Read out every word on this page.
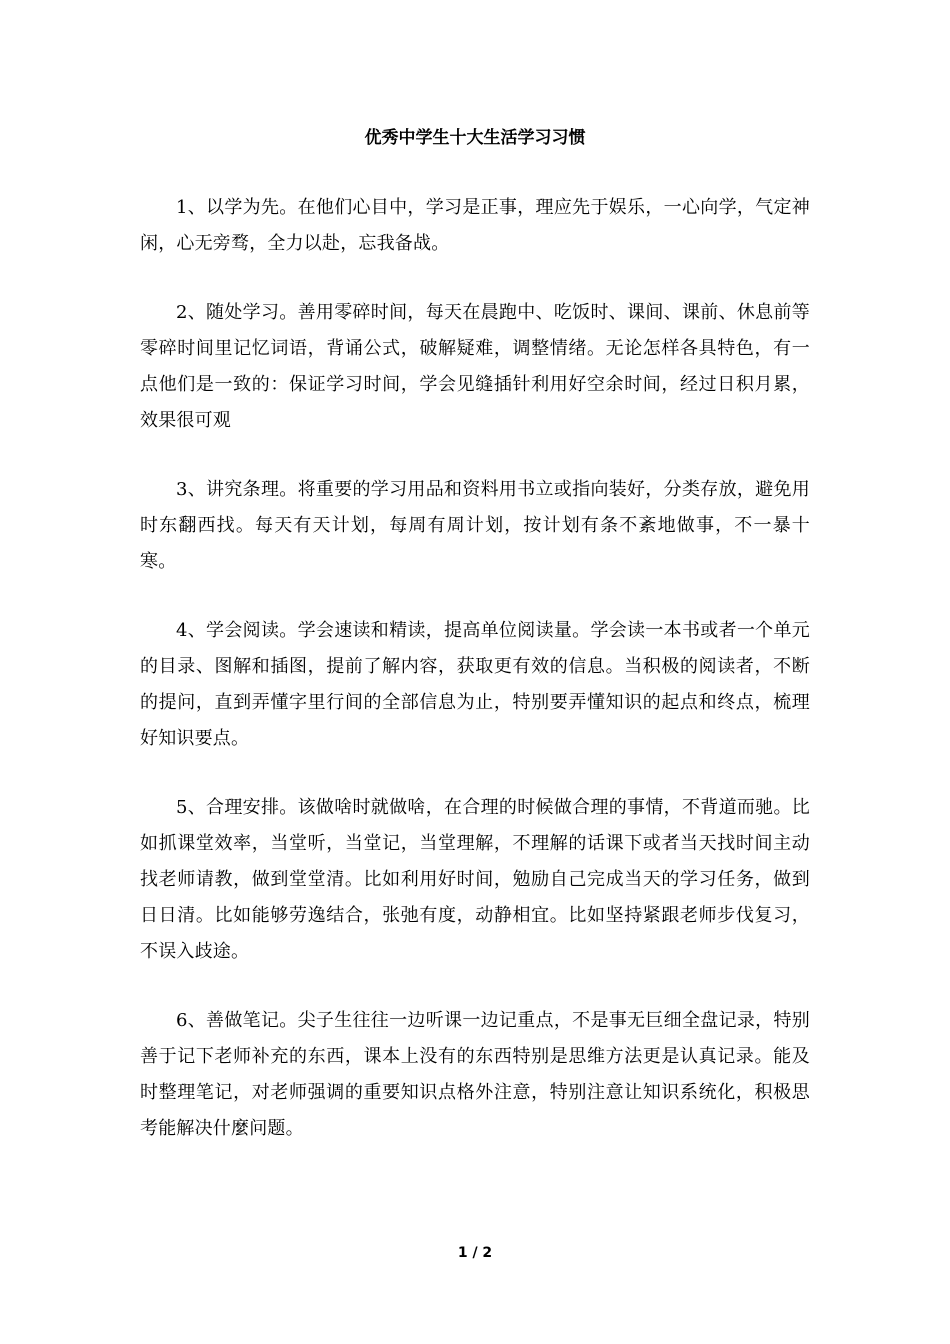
优秀中学生十大生活学习习惯

1、以学为先。在他们心目中，学习是正事，理应先于娱乐，一心向学，气定神闲，心无旁骛，全力以赴，忘我备战。

2、随处学习。善用零碎时间，每天在晨跑中、吃饭时、课间、课前、休息前等零碎时间里记忆词语，背诵公式，破解疑难，调整情绪。无论怎样各具特色，有一点他们是一致的：保证学习时间，学会见缝插针利用好空余时间，经过日积月累，效果很可观

3、讲究条理。将重要的学习用品和资料用书立或指向装好，分类存放，避免用时东翻西找。每天有天计划，每周有周计划，按计划有条不紊地做事，不一暴十寒。

4、学会阅读。学会速读和精读，提高单位阅读量。学会读一本书或者一个单元的目录、图解和插图，提前了解内容，获取更有效的信息。当积极的阅读者，不断的提问，直到弄懂字里行间的全部信息为止，特别要弄懂知识的起点和终点，梳理好知识要点。

5、合理安排。该做啥时就做啥，在合理的时候做合理的事情，不背道而驰。比如抓课堂效率，当堂听，当堂记，当堂理解，不理解的话课下或者当天找时间主动找老师请教，做到堂堂清。比如利用好时间，勉励自己完成当天的学习任务，做到日日清。比如能够劳逸结合，张弛有度，动静相宜。比如坚持紧跟老师步伐复习，不误入歧途。

6、善做笔记。尖子生往往一边听课一边记重点，不是事无巨细全盘记录，特别善于记下老师补充的东西，课本上没有的东西特别是思维方法更是认真记录。能及时整理笔记，对老师强调的重要知识点格外注意，特别注意让知识系统化，积极思考能解决什麼问题。

1 / 2
